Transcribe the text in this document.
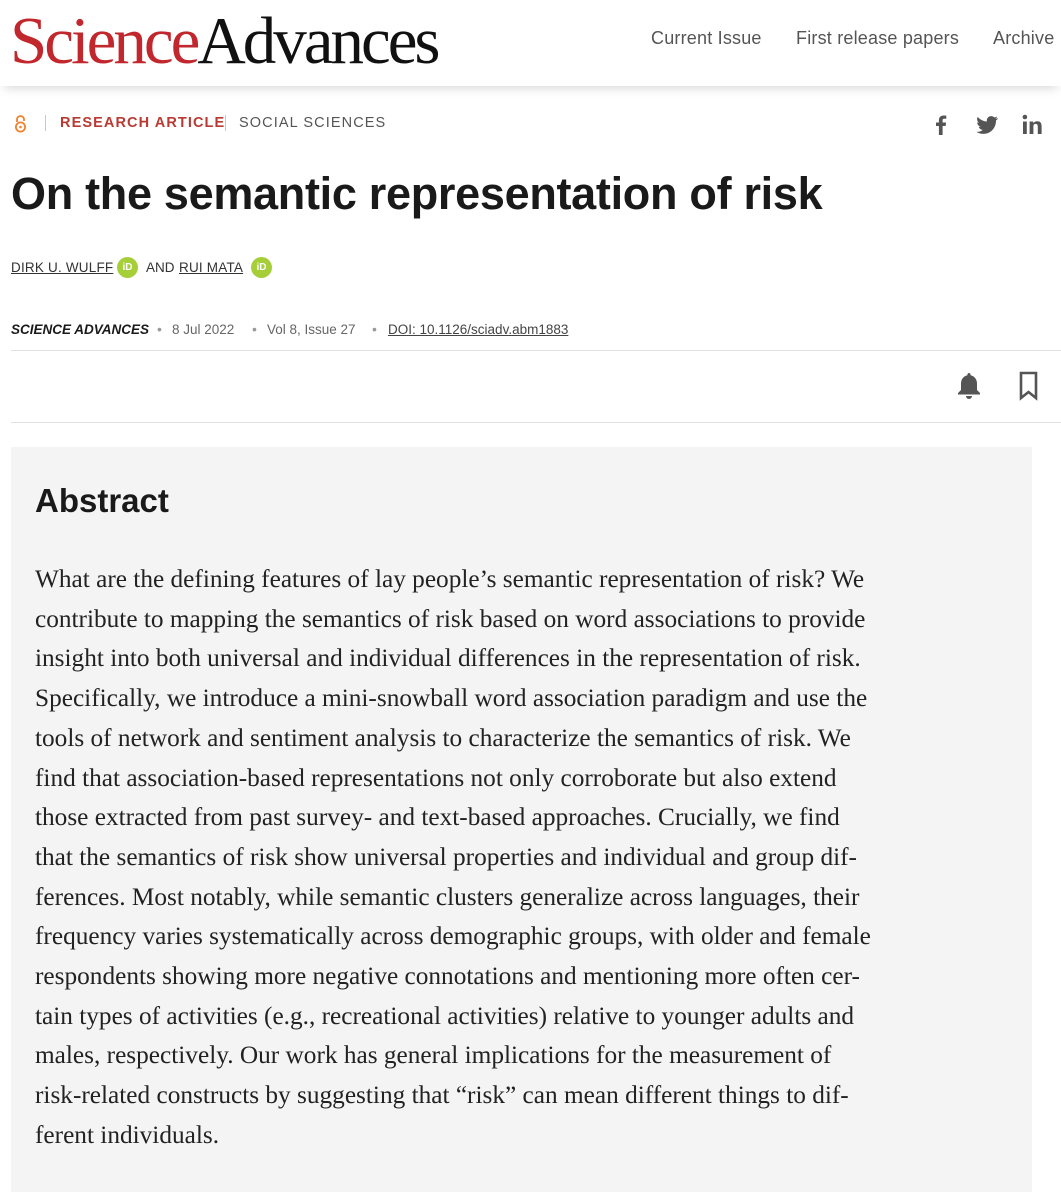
ScienceAdvances	Current Issue First release papers Archive
RESEARCH ARTICLE SOCIAL SCIENCES
On the semantic representation of risk
DIRK U. WULFF iD	AND RUI MATA	iD
SCIENCE ADVANCES • 8 Jul 2022 • Vol 8, Issue 27 • DOI: 10.1126/sciadv.abm1883
Abstract

What are the defining features of lay people’s semantic representation of risk? We
contribute to mapping the semantics of risk based on word associations to provide
insight into both universal and individual differences in the representation of risk.
Specifically, we introduce a mini-snowball word association paradigm and use the
tools of network and sentiment analysis to characterize the semantics of risk. We
find that association-based representations not only corroborate but also extend
those extracted from past survey- and text-based approaches. Crucially, we find
that the semantics of risk show universal properties and individual and group dif-
ferences. Most notably, while semantic clusters generalize across languages, their
frequency varies systematically across demographic groups, with older and female
respondents showing more negative connotations and mentioning more often cer-
tain types of activities (e.g., recreational activities) relative to younger adults and
males, respectively. Our work has general implications for the measurement of
risk-related constructs by suggesting that “risk” can mean different things to dif-
ferent individuals.
